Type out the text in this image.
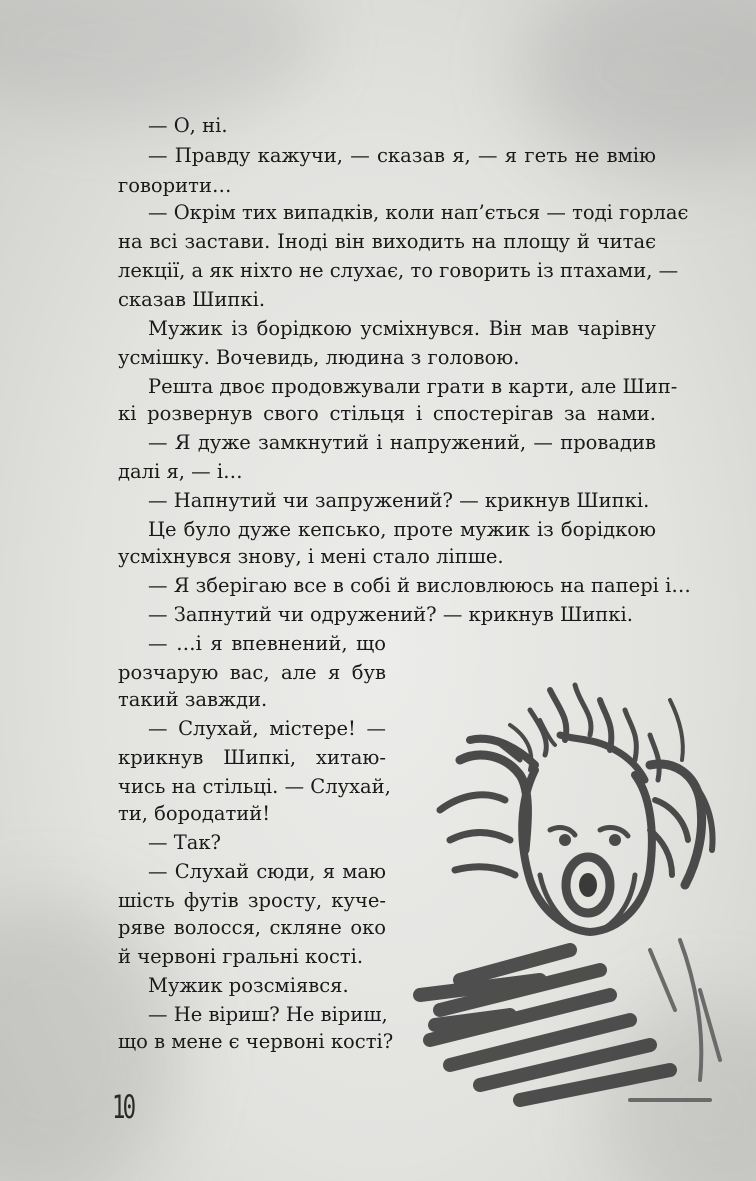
— О, ні.
— Правду кажучи, — сказав я, — я геть не вмію
говорити…
— Окрім тих випадків, коли нап’ється — тоді горлає
на всі застави. Іноді він виходить на площу й читає
лекції, а як ніхто не слухає, то говорить із птахами, —
сказав Шипкі.
Мужик із борідкою усміхнувся. Він мав чарівну
усмішку. Вочевидь, людина з головою.
Решта двоє продовжували грати в карти, але Шип-
кі розвернув свого стільця і спостерігав за нами.
— Я дуже замкнутий і напружений, — провадив
далі я, — і…
— Напнутий чи запружений? — крикнув Шипкі.
Це було дуже кепсько, проте мужик із борідкою
усміхнувся знову, і мені стало ліпше.
— Я зберігаю все в собі й висловлююсь на папері і…
— Запнутий чи одружений? — крикнув Шипкі.
— …і я впевнений, що
розчарую вас, але я був
такий завжди.
— Слухай, містере! —
крикнув Шипкі, хитаю-
чись на стільці. — Слухай,
ти, бородатий!
— Так?
— Слухай сюди, я маю
шість футів зросту, куче-
ряве волосся, скляне око
й червоні гральні кості.
Мужик розсміявся.
— Не віриш? Не віриш,
що в мене є червоні кості?
10
